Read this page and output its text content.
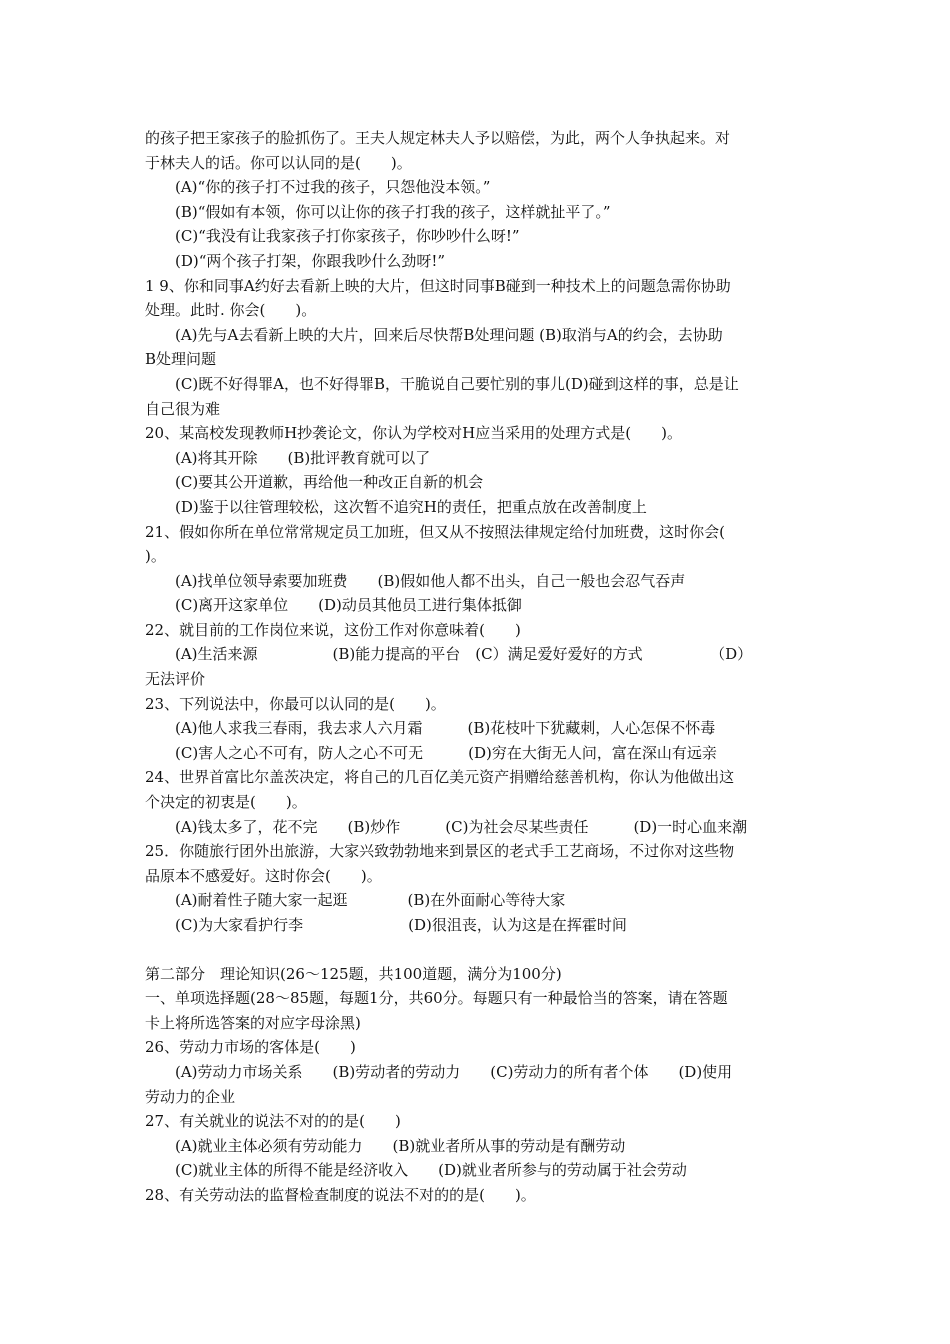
的孩子把王家孩子的脸抓伤了。王夫人规定林夫人予以赔偿，为此，两个人争执起来。对
于林夫人的话。你可以认同的是(　　)。
(A)“你的孩子打不过我的孩子，只怨他没本领。”
(B)“假如有本领，你可以让你的孩子打我的孩子，这样就扯平了。”
(C)“我没有让我家孩子打你家孩子，你吵吵什么呀!”
(D)“两个孩子打架，你跟我吵什么劲呀!”
1 9、你和同事A约好去看新上映的大片，但这时同事B碰到一种技术上的问题急需你协助
处理。此时. 你会(　　)。
(A)先与A去看新上映的大片，回来后尽快帮B处理问题 (B)取消与A的约会，去协助
B处理问题
(C)既不好得罪A，也不好得罪B，干脆说自己要忙别的事儿(D)碰到这样的事，总是让
自己很为难
20、某高校发现教师H抄袭论文，你认为学校对H应当采用的处理方式是(　　)。
(A)将其开除　　(B)批评教育就可以了
(C)要其公开道歉，再给他一种改正自新的机会
(D)鉴于以往管理较松，这次暂不追究H的责任，把重点放在改善制度上
21、假如你所在单位常常规定员工加班，但又从不按照法律规定给付加班费，这时你会(
)。
(A)找单位领导索要加班费　　(B)假如他人都不出头，自己一般也会忍气吞声
(C)离开这家单位　　(D)动员其他员工进行集体抵御
22、就目前的工作岗位来说，这份工作对你意味着(　　)
(A)生活来源　　　　　(B)能力提高的平台　(C）满足爱好爱好的方式　　　　　（D）
无法评价
23、下列说法中，你最可以认同的是(　　)。
(A)他人求我三春雨，我去求人六月霜　　　(B)花枝叶下犹藏刺，人心怎保不怀毒
(C)害人之心不可有，防人之心不可无　　　(D)穷在大街无人问，富在深山有远亲
24、世界首富比尔盖茨决定，将自己的几百亿美元资产捐赠给慈善机构，你认为他做出这
个决定的初衷是(　　)。
(A)钱太多了，花不完　　(B)炒作　　　(C)为社会尽某些责任　　　(D)一时心血来潮
25．你随旅行团外出旅游，大家兴致勃勃地来到景区的老式手工艺商场，不过你对这些物
品原本不感爱好。这时你会(　　)。
(A)耐着性子随大家一起逛　　　　(B)在外面耐心等待大家
(C)为大家看护行李　　　　　　　(D)很沮丧，认为这是在挥霍时间
第二部分　理论知识(26～125题，共100道题，满分为100分)
一、单项选择题(28～85题，每题1分，共60分。每题只有一种最恰当的答案，请在答题
卡上将所选答案的对应字母涂黑)
26、劳动力市场的客体是(　　)
(A)劳动力市场关系　　(B)劳动者的劳动力　　(C)劳动力的所有者个体　　(D)使用
劳动力的企业
27、有关就业的说法不对的的是(　　)
(A)就业主体必须有劳动能力　　(B)就业者所从事的劳动是有酬劳动
(C)就业主体的所得不能是经济收入　　(D)就业者所参与的劳动属于社会劳动
28、有关劳动法的监督检查制度的说法不对的的是(　　)。
